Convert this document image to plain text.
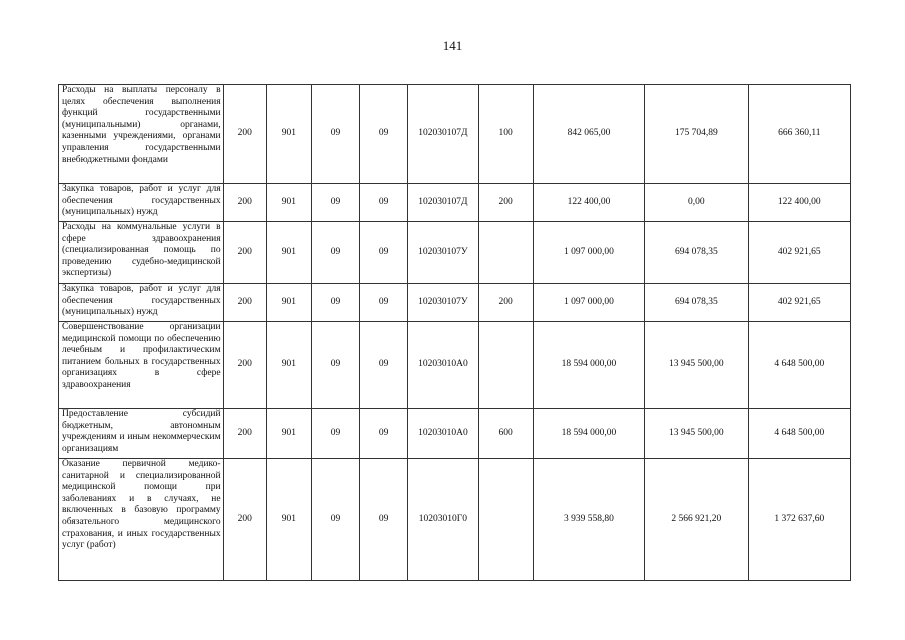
141
Расходы на выплаты персоналу в целях обеспечения выполнения функций государственными (муниципальными) органами, казенными учреждениями, органами управления государственными внебюджетными фондами	200	901	09	09	102030107Д	100	842 065,00	175 704,89	666 360,11
Закупка товаров, работ и услуг для обеспечения государственных (муниципальных) нужд	200	901	09	09	102030107Д	200	122 400,00	0,00	122 400,00
Расходы на коммунальные услуги в сфере здравоохранения (специализированная помощь по проведению судебно-медицинской экспертизы)	200	901	09	09	102030107У		1 097 000,00	694 078,35	402 921,65
Закупка товаров, работ и услуг для обеспечения государственных (муниципальных) нужд	200	901	09	09	102030107У	200	1 097 000,00	694 078,35	402 921,65
Совершенствование организации медицинской помощи по обеспечению лечебным и профилактическим питанием больных в государственных организациях в сфере здравоохранения	200	901	09	09	10203010А0		18 594 000,00	13 945 500,00	4 648 500,00
Предоставление субсидий бюджетным, автономным учреждениям и иным некоммерческим организациям	200	901	09	09	10203010А0	600	18 594 000,00	13 945 500,00	4 648 500,00
Оказание первичной медико-санитарной и специализированной медицинской помощи при заболеваниях и в случаях, не включенных в базовую программу обязательного медицинского страхования, и иных государственных услуг (работ)	200	901	09	09	10203010Г0		3 939 558,80	2 566 921,20	1 372 637,60
